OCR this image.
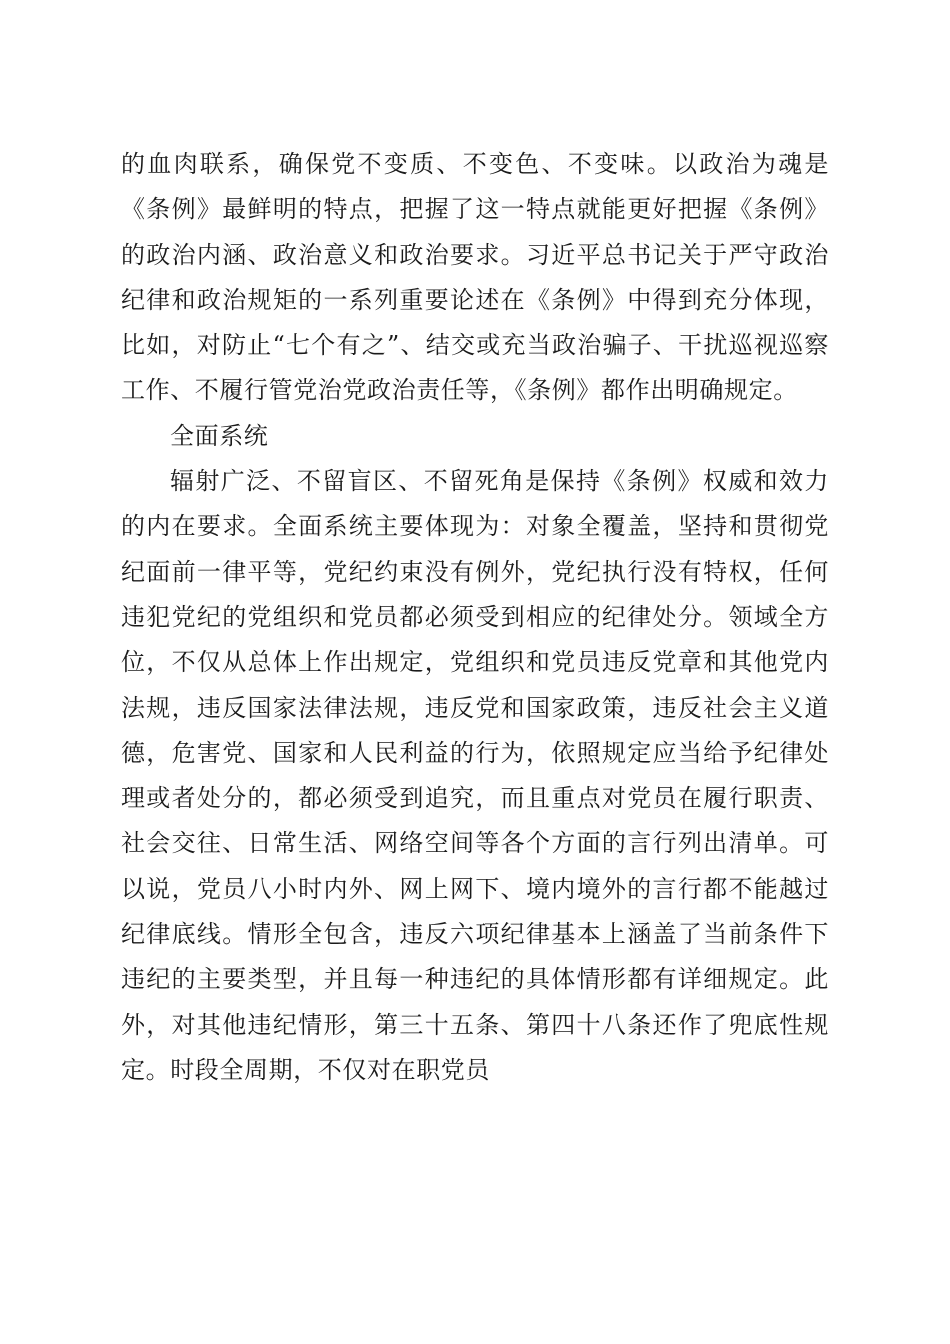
的血肉联系，确保党不变质、不变色、不变味。以政治为魂是《条例》最鲜明的特点，把握了这一特点就能更好把握《条例》的政治内涵、政治意义和政治要求。习近平总书记关于严守政治纪律和政治规矩的一系列重要论述在《条例》中得到充分体现，比如，对防止“七个有之”、结交或充当政治骗子、干扰巡视巡察工作、不履行管党治党政治责任等，《条例》都作出明确规定。

全面系统

辐射广泛、不留盲区、不留死角是保持《条例》权威和效力的内在要求。全面系统主要体现为：对象全覆盖，坚持和贯彻党纪面前一律平等，党纪约束没有例外，党纪执行没有特权，任何违犯党纪的党组织和党员都必须受到相应的纪律处分。领域全方位，不仅从总体上作出规定，党组织和党员违反党章和其他党内法规，违反国家法律法规，违反党和国家政策，违反社会主义道德，危害党、国家和人民利益的行为，依照规定应当给予纪律处理或者处分的，都必须受到追究，而且重点对党员在履行职责、社会交往、日常生活、网络空间等各个方面的言行列出清单。可以说，党员八小时内外、网上网下、境内境外的言行都不能越过纪律底线。情形全包含，违反六项纪律基本上涵盖了当前条件下违纪的主要类型，并且每一种违纪的具体情形都有详细规定。此外，对其他违纪情形，第三十五条、第四十八条还作了兜底性规定。时段全周期，不仅对在职党员
